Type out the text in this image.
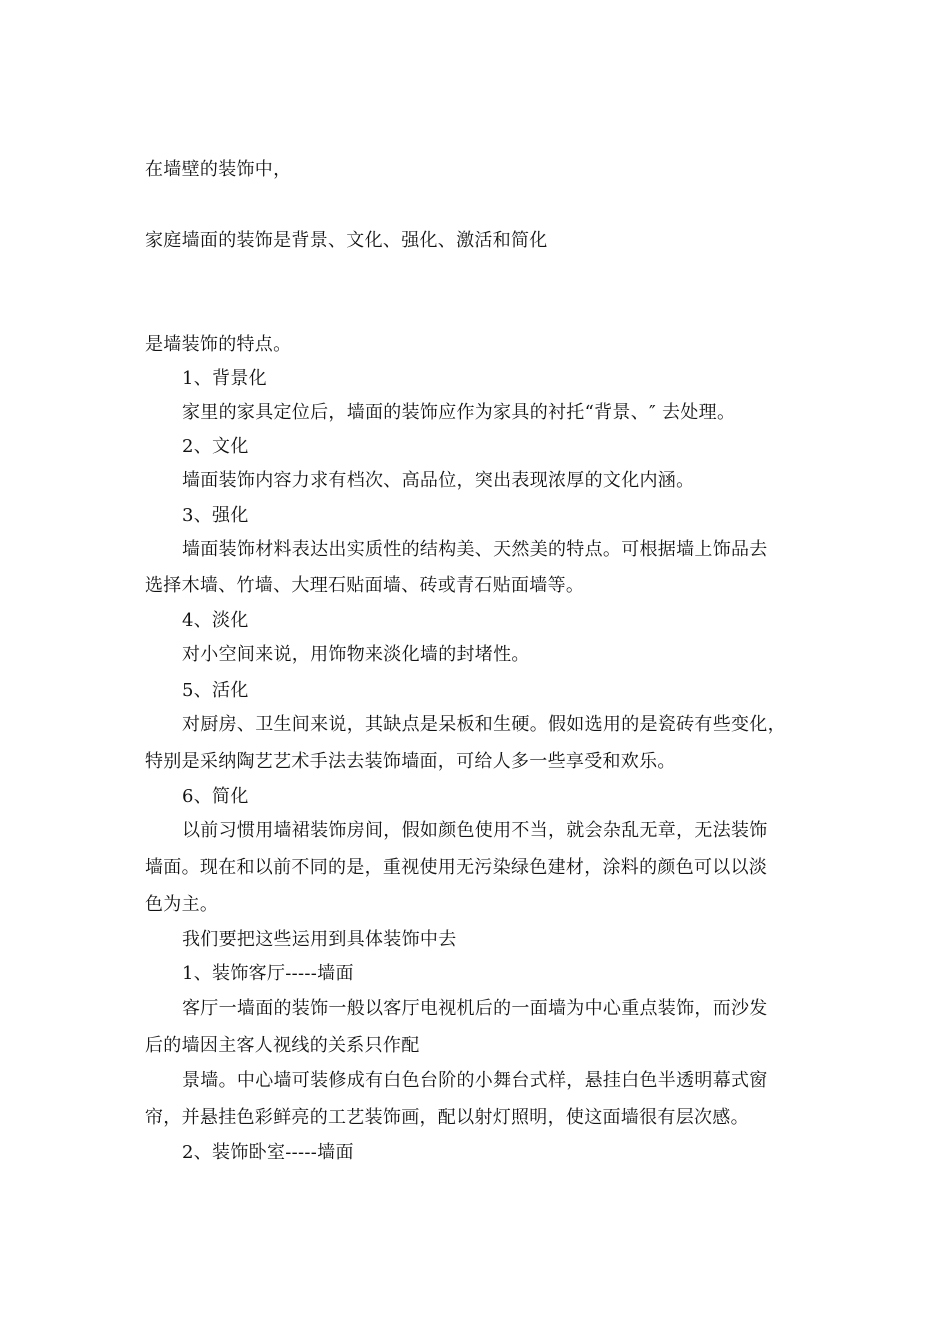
在墙壁的装饰中，
家庭墙面的装饰是背景、文化、强化、激活和简化
是墙装饰的特点。
1、背景化
家里的家具定位后，墙面的装饰应作为家具的衬托“背景、″ 去处理。
2、文化
墙面装饰内容力求有档次、高品位，突出表现浓厚的文化内涵。
3、强化
墙面装饰材料表达出实质性的结构美、天然美的特点。可根据墙上饰品去
选择木墙、竹墙、大理石贴面墙、砖或青石贴面墙等。
4、淡化
对小空间来说，用饰物来淡化墙的封堵性。
5、活化
对厨房、卫生间来说，其缺点是呆板和生硬。假如选用的是瓷砖有些变化，
特别是采纳陶艺艺术手法去装饰墙面，可给人多一些享受和欢乐。
6、简化
以前习惯用墙裙装饰房间，假如颜色使用不当，就会杂乱无章，无法装饰
墙面。现在和以前不同的是，重视使用无污染绿色建材，涂料的颜色可以以淡
色为主。
我们要把这些运用到具体装饰中去
1、装饰客厅-----墙面
客厅一墙面的装饰一般以客厅电视机后的一面墙为中心重点装饰，而沙发
后的墙因主客人视线的关系只作配
景墙。中心墙可装修成有白色台阶的小舞台式样，悬挂白色半透明幕式窗
帘，并悬挂色彩鲜亮的工艺装饰画，配以射灯照明，使这面墙很有层次感。
2、装饰卧室-----墙面
